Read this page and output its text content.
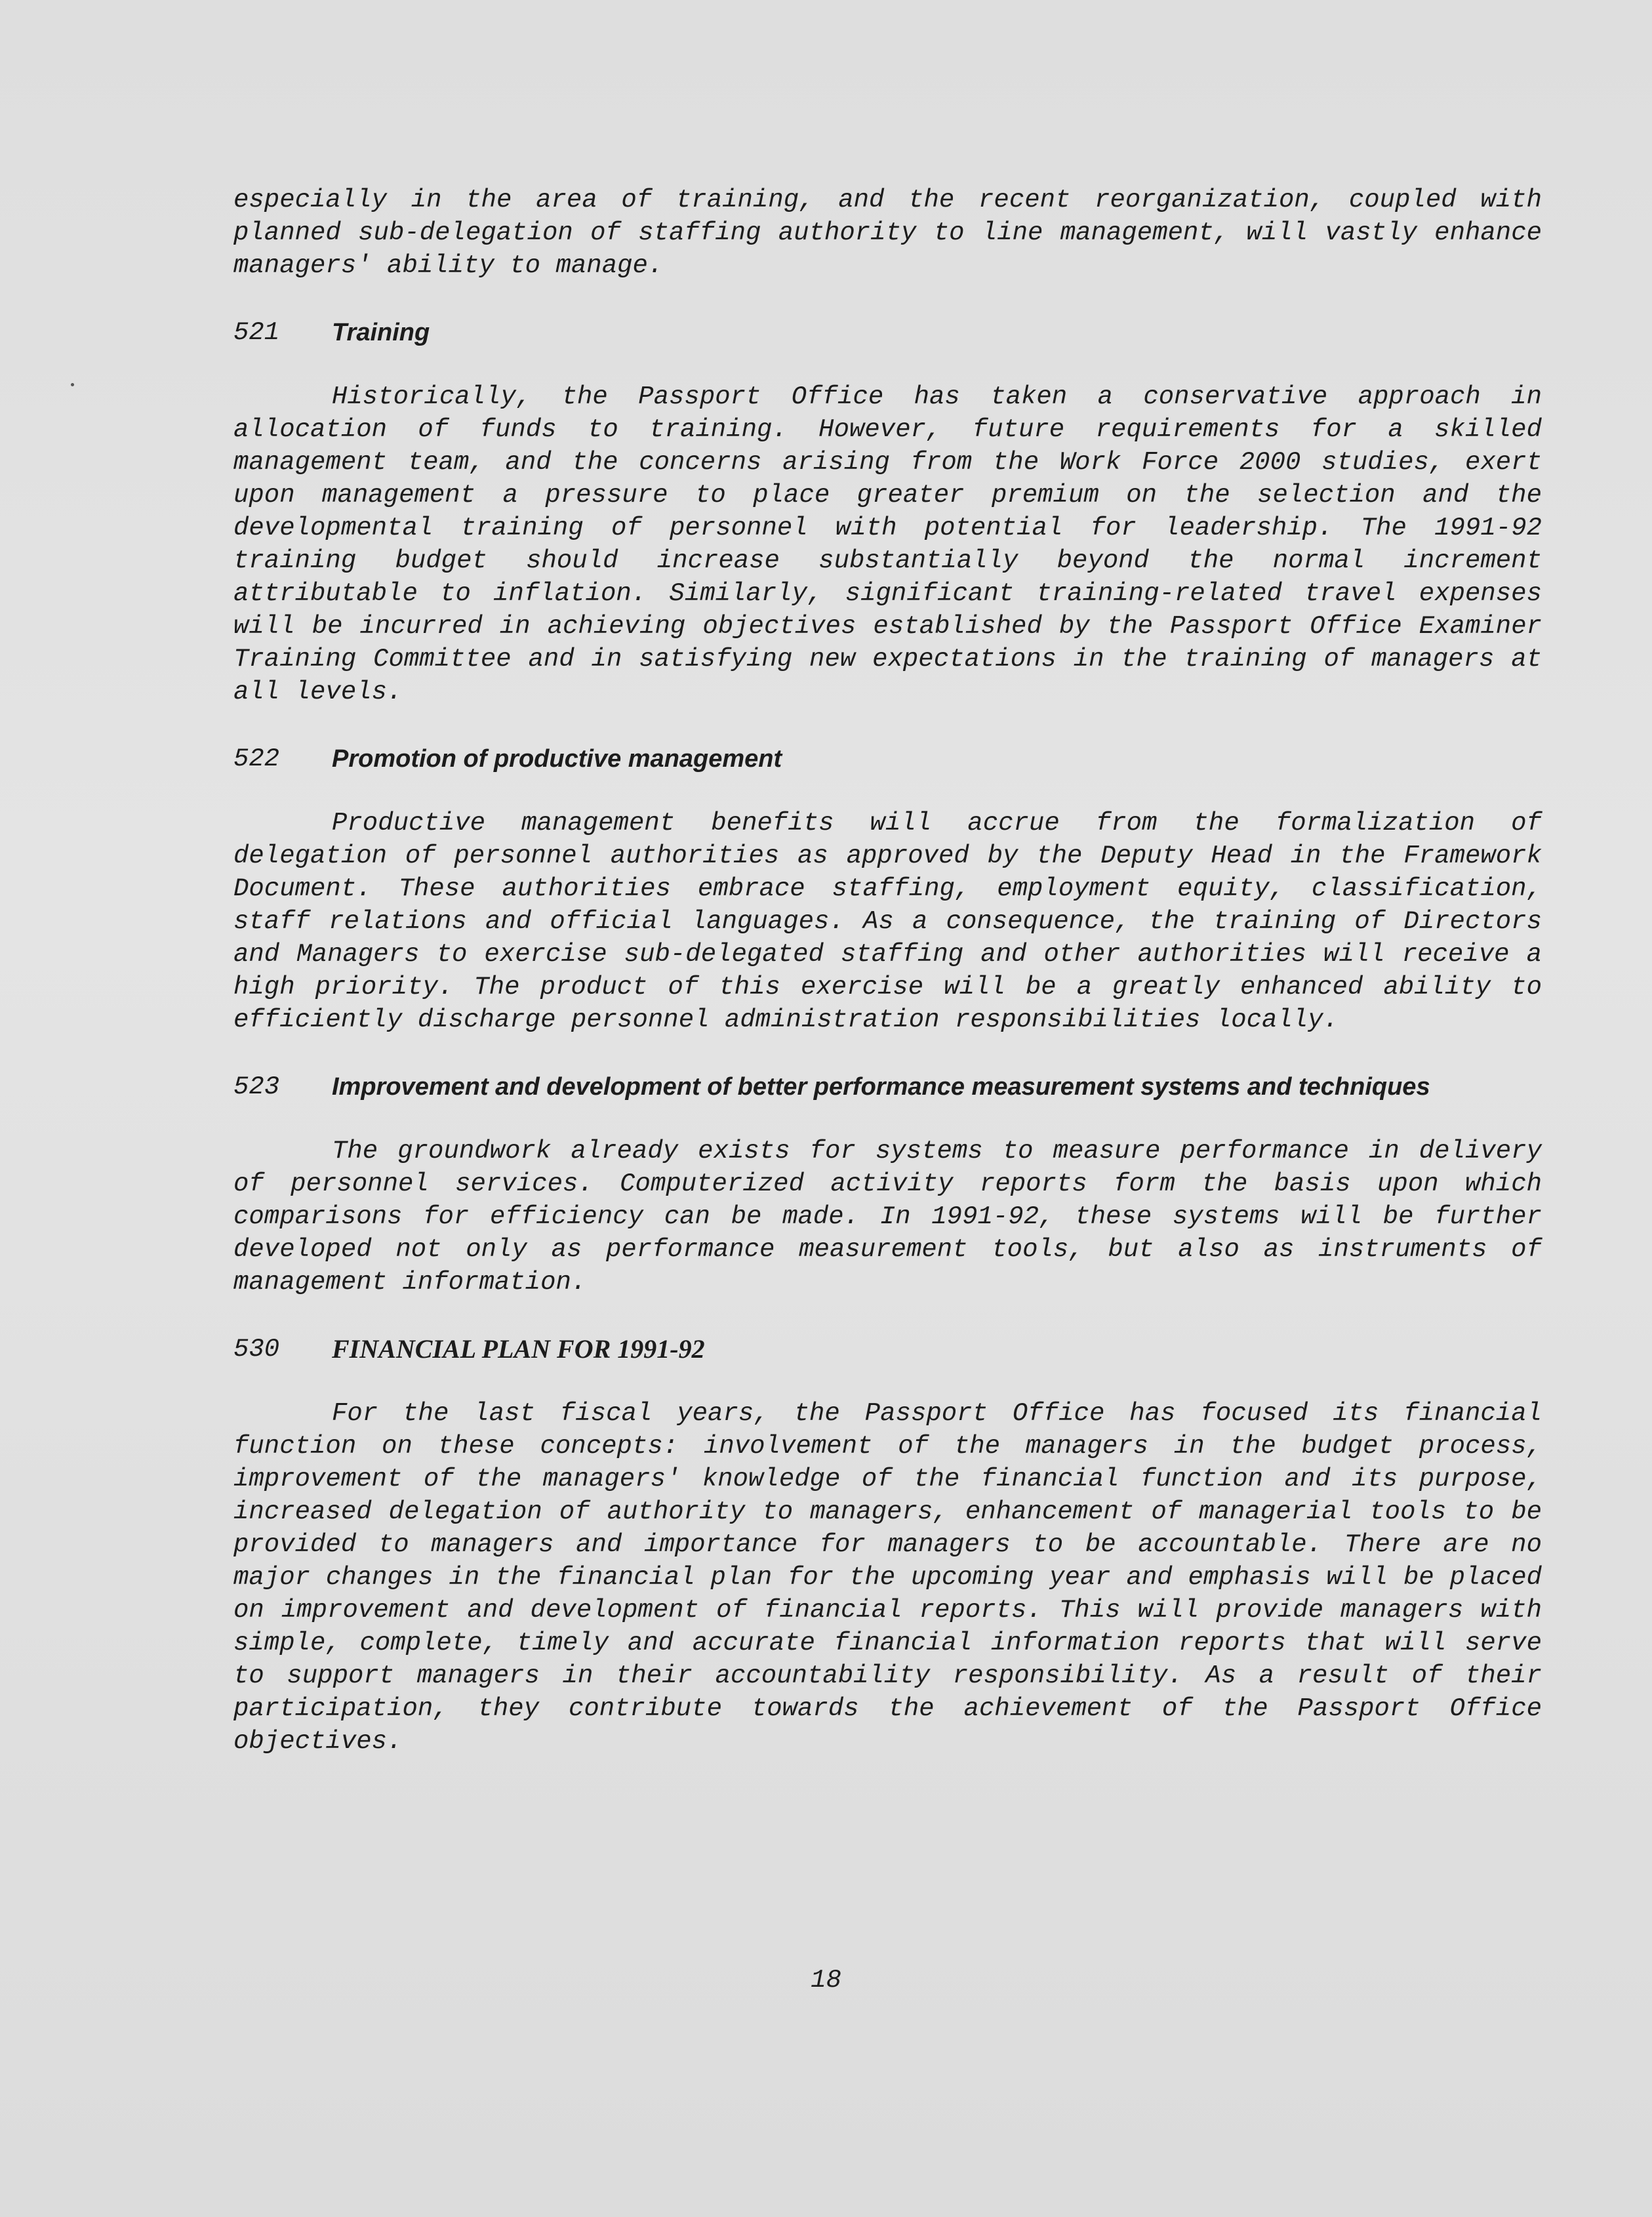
especially in the area of training, and the recent reorganization, coupled with planned sub-delegation of staffing authority to line management, will vastly enhance managers' ability to manage.

521	Training

Historically, the Passport Office has taken a conservative approach in allocation of funds to training. However, future requirements for a skilled management team, and the concerns arising from the Work Force 2000 studies, exert upon management a pressure to place greater premium on the selection and the developmental training of personnel with potential for leadership. The 1991-92 training budget should increase substantially beyond the normal increment attributable to inflation. Similarly, significant training-related travel expenses will be incurred in achieving objectives established by the Passport Office Examiner Training Committee and in satisfying new expectations in the training of managers at all levels.

522	Promotion of productive management

Productive management benefits will accrue from the formalization of delegation of personnel authorities as approved by the Deputy Head in the Framework Document. These authorities embrace staffing, employment equity, classification, staff relations and official languages. As a consequence, the training of Directors and Managers to exercise sub-delegated staffing and other authorities will receive a high priority. The product of this exercise will be a greatly enhanced ability to efficiently discharge personnel administration responsibilities locally.

523	Improvement and development of better performance measurement systems and techniques

The groundwork already exists for systems to measure performance in delivery of personnel services. Computerized activity reports form the basis upon which comparisons for efficiency can be made. In 1991-92, these systems will be further developed not only as performance measurement tools, but also as instruments of management information.

530	FINANCIAL PLAN FOR 1991-92

For the last fiscal years, the Passport Office has focused its financial function on these concepts: involvement of the managers in the budget process, improvement of the managers' knowledge of the financial function and its purpose, increased delegation of authority to managers, enhancement of managerial tools to be provided to managers and importance for managers to be accountable. There are no major changes in the financial plan for the upcoming year and emphasis will be placed on improvement and development of financial reports. This will provide managers with simple, complete, timely and accurate financial information reports that will serve to support managers in their accountability responsibility. As a result of their participation, they contribute towards the achievement of the Passport Office objectives.

18
